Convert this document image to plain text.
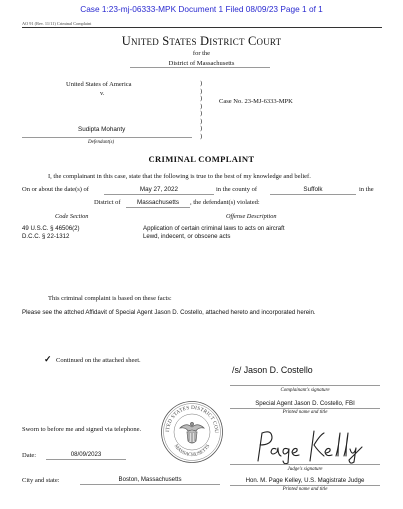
Case 1:23-mj-06333-MPK Document 1 Filed 08/09/23 Page 1 of 1
AO 91 (Rev. 11/11) Criminal Complaint
United States District Court
for the
District of Massachusetts
United States of America
v.
)
)
)
)
)
)
)
)
Case No. 23-MJ-6333-MPK
Sudipta Mohanty
Defendant(s)
CRIMINAL COMPLAINT
I, the complainant in this case, state that the following is true to the best of my knowledge and belief.
On or about the date(s) of	May 27, 2022	in the county of	Suffolk	in the
District of	Massachusetts	, the defendant(s) violated:
Code Section	Offense Description
49 U.S.C. § 46506(2)	Application of certain criminal laws to acts on aircraft
D.C.C. § 22-1312	Lewd, indecent, or obscene acts
This criminal complaint is based on these facts:
Please see the attched Affidavit of Special Agent Jason D. Costello, attached hereto and incorporated herein.
✓ Continued on the attached sheet.
/s/ Jason D. Costello
Complainant's signature
Special Agent Jason D. Costello, FBI
Printed name and title
ITED STATES DISTRICT COU
MASSACHUSETTS
Sworn to before me and signed via telephone.
Date:	08/09/2023
City and state:	Boston, Massachusetts
Judge's signature
Hon. M. Page Kelley, U.S. Magistrate Judge
Printed name and title
